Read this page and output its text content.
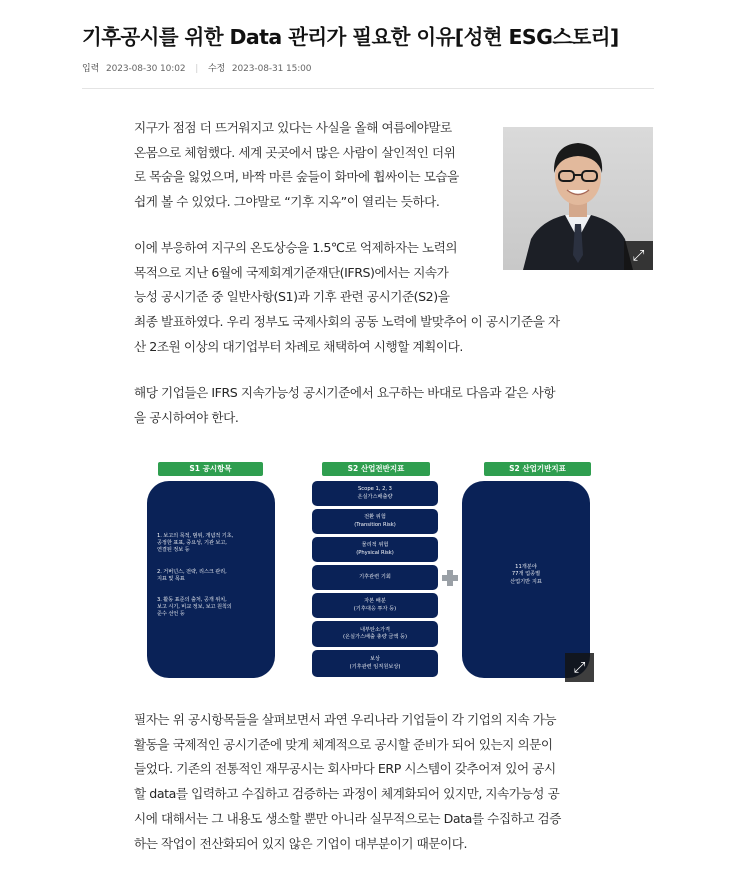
기후공시를 위한 Data 관리가 필요한 이유[성현 ESG스토리]
입력 2023-08-30 10:02 | 수정 2023-08-31 15:00
⤢
지구가 점점 더 뜨거워지고 있다는 사실을 올해 여름에야말로
온몸으로 체험했다. 세계 곳곳에서 많은 사람이 살인적인 더위
로 목숨을 잃었으며, 바짝 마른 숲들이 화마에 휩싸이는 모습을
쉽게 볼 수 있었다. 그야말로 “기후 지옥”이 열리는 듯하다.
이에 부응하여 지구의 온도상승을 1.5℃로 억제하자는 노력의
목적으로 지난 6월에 국제회계기준재단(IFRS)에서는 지속가
능성 공시기준 중 일반사항(S1)과 기후 관련 공시기준(S2)을
최종 발표하였다. 우리 정부도 국제사회의 공동 노력에 발맞추어 이 공시기준을 자
산 2조원 이상의 대기업부터 차례로 채택하여 시행할 계획이다.
해당 기업들은 IFRS 지속가능성 공시기준에서 요구하는 바대로 다음과 같은 사항
을 공시하여야 한다.
S1 공시항목	S2 산업전반지표	S2 산업기반지표
1. 보고의 목적, 범위, 개념적 기초,
공정한 표표, 중요성, 기관 보고,
연결된 정보 등
2. 거버넌스, 전략, 리스크 관리,
지표 및 목표
3. 활동 표준의 출처, 공개 위치,
보고 시기, 비교 정보, 보고 원칙의
준수 선언 등
Scope 1, 2, 3
온실가스배출량
전환 위험
(Transition Risk)
물리적 위험
(Physical Risk)
기후관련 기회
자본 배분
(기후대응 투자 등)
내부탄소가격
(온실가스배출 총량 금액 등)
보상
(기후관련 임직원보상)
11개분야
77개 업종별
산업기반 지표
⤢
필자는 위 공시항목들을 살펴보면서 과연 우리나라 기업들이 각 기업의 지속 가능
활동을 국제적인 공시기준에 맞게 체계적으로 공시할 준비가 되어 있는지 의문이
들었다. 기존의 전통적인 재무공시는 회사마다 ERP 시스템이 갖추어져 있어 공시
할 data를 입력하고 수집하고 검증하는 과정이 체계화되어 있지만, 지속가능성 공
시에 대해서는 그 내용도 생소할 뿐만 아니라 실무적으로는 Data를 수집하고 검증
하는 작업이 전산화되어 있지 않은 기업이 대부분이기 때문이다.
